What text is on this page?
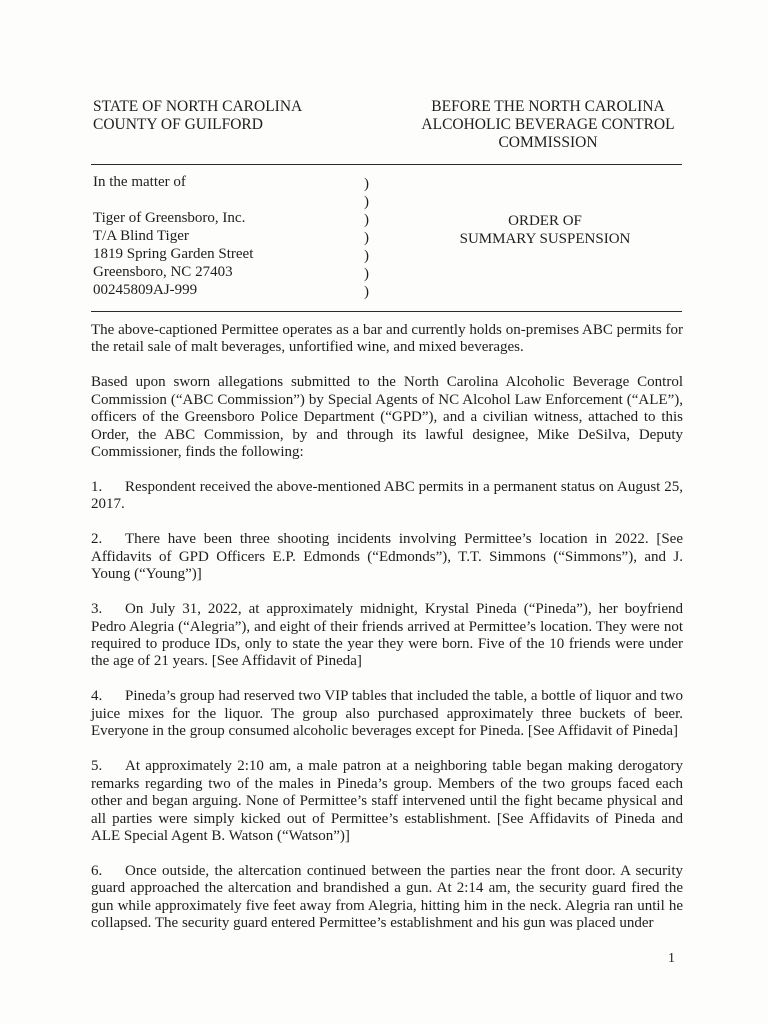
STATE OF NORTH CAROLINA
COUNTY OF GUILFORD
BEFORE THE NORTH CAROLINA
ALCOHOLIC BEVERAGE CONTROL
COMMISSION
In the matter of
Tiger of Greensboro, Inc.
T/A Blind Tiger
1819 Spring Garden Street
Greensboro, NC 27403
00245809AJ-999
)
)
)
)
)
)
)
ORDER OF
SUMMARY SUSPENSION

The above-captioned Permittee operates as a bar and currently holds on-premises ABC permits for the retail sale of malt beverages, unfortified wine, and mixed beverages.

Based upon sworn allegations submitted to the North Carolina Alcoholic Beverage Control Commission (“ABC Commission”) by Special Agents of NC Alcohol Law Enforcement (“ALE”), officers of the Greensboro Police Department (“GPD”), and a civilian witness, attached to this Order, the ABC Commission, by and through its lawful designee, Mike DeSilva, Deputy Commissioner, finds the following:

1. Respondent received the above-mentioned ABC permits in a permanent status on August 25, 2017.

2. There have been three shooting incidents involving Permittee’s location in 2022. [See Affidavits of GPD Officers E.P. Edmonds (“Edmonds”), T.T. Simmons (“Simmons”), and J. Young (“Young”)]

3. On July 31, 2022, at approximately midnight, Krystal Pineda (“Pineda”), her boyfriend Pedro Alegria (“Alegria”), and eight of their friends arrived at Permittee’s location. They were not required to produce IDs, only to state the year they were born. Five of the 10 friends were under the age of 21 years. [See Affidavit of Pineda]

4. Pineda’s group had reserved two VIP tables that included the table, a bottle of liquor and two juice mixes for the liquor. The group also purchased approximately three buckets of beer. Everyone in the group consumed alcoholic beverages except for Pineda. [See Affidavit of Pineda]

5. At approximately 2:10 am, a male patron at a neighboring table began making derogatory remarks regarding two of the males in Pineda’s group. Members of the two groups faced each other and began arguing. None of Permittee’s staff intervened until the fight became physical and all parties were simply kicked out of Permittee’s establishment. [See Affidavits of Pineda and ALE Special Agent B. Watson (“Watson”)]

6. Once outside, the altercation continued between the parties near the front door. A security guard approached the altercation and brandished a gun. At 2:14 am, the security guard fired the gun while approximately five feet away from Alegria, hitting him in the neck. Alegria ran until he collapsed. The security guard entered Permittee’s establishment and his gun was placed under

1
